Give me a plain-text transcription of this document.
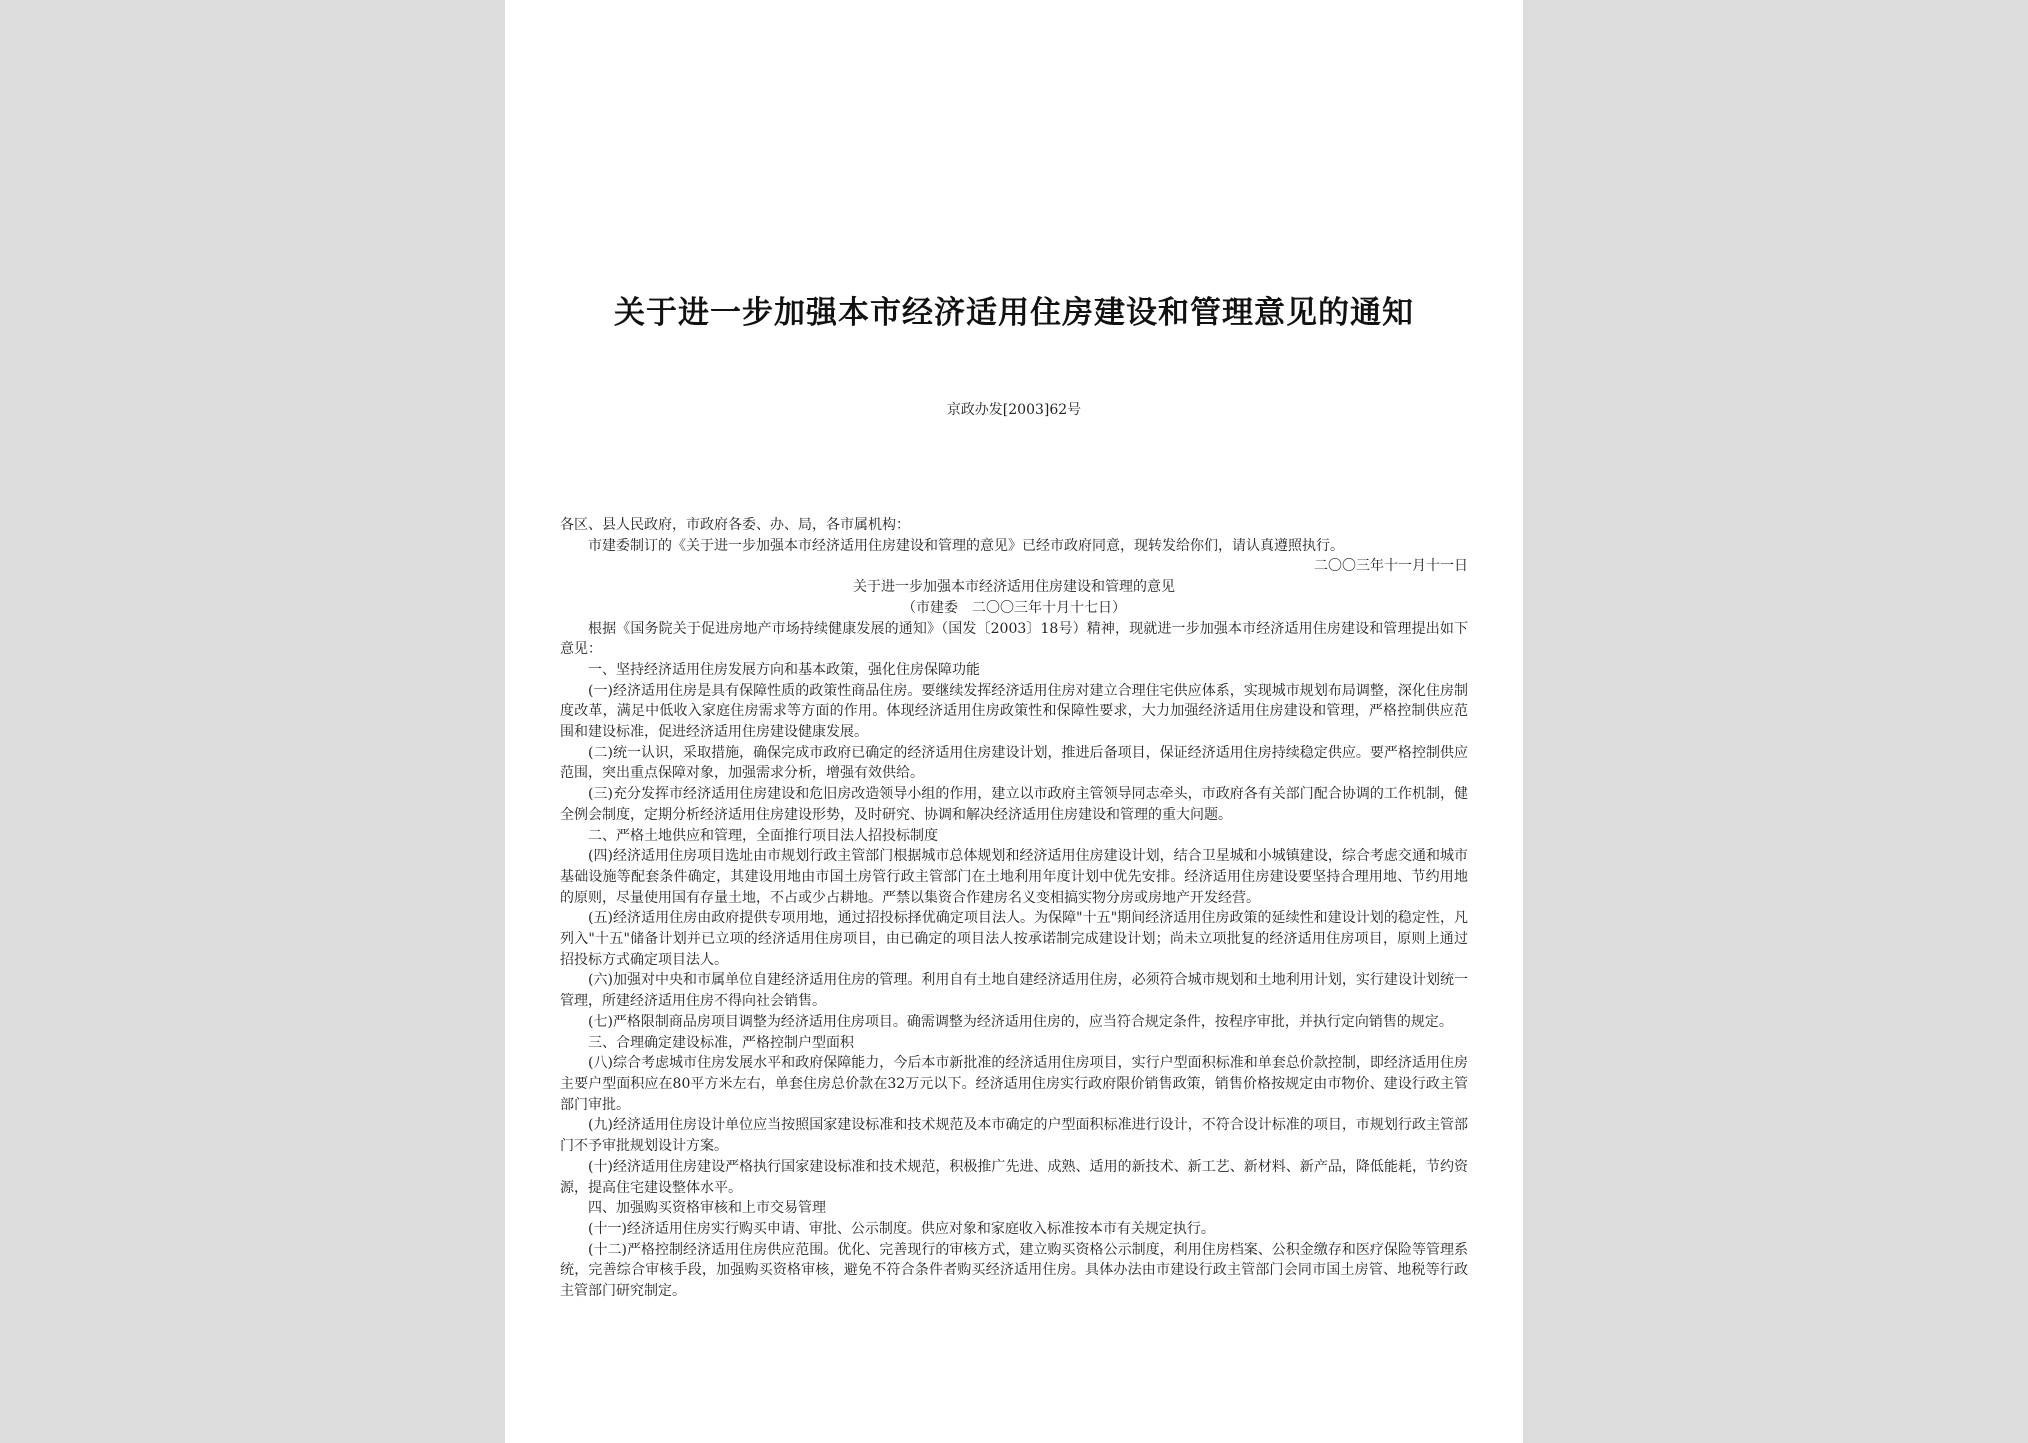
关于进一步加强本市经济适用住房建设和管理意见的通知
京政办发[2003]62号

各区、县人民政府，市政府各委、办、局，各市属机构：

市建委制订的《关于进一步加强本市经济适用住房建设和管理的意见》已经市政府同意，现转发给你们，请认真遵照执行。

二〇〇三年十一月十一日

关于进一步加强本市经济适用住房建设和管理的意见

（市建委　二〇〇三年十月十七日）

根据《国务院关于促进房地产市场持续健康发展的通知》（国发〔2003〕18号）精神，现就进一步加强本市经济适用住房建设和管理提出如下意见：

一、坚持经济适用住房发展方向和基本政策，强化住房保障功能

(一)经济适用住房是具有保障性质的政策性商品住房。要继续发挥经济适用住房对建立合理住宅供应体系，实现城市规划布局调整，深化住房制度改革，满足中低收入家庭住房需求等方面的作用。体现经济适用住房政策性和保障性要求，大力加强经济适用住房建设和管理，严格控制供应范围和建设标准，促进经济适用住房建设健康发展。

(二)统一认识，采取措施，确保完成市政府已确定的经济适用住房建设计划，推进后备项目，保证经济适用住房持续稳定供应。要严格控制供应范围，突出重点保障对象，加强需求分析，增强有效供给。

(三)充分发挥市经济适用住房建设和危旧房改造领导小组的作用，建立以市政府主管领导同志牵头，市政府各有关部门配合协调的工作机制，健全例会制度，定期分析经济适用住房建设形势，及时研究、协调和解决经济适用住房建设和管理的重大问题。

二、严格土地供应和管理，全面推行项目法人招投标制度

(四)经济适用住房项目选址由市规划行政主管部门根据城市总体规划和经济适用住房建设计划，结合卫星城和小城镇建设，综合考虑交通和城市基础设施等配套条件确定，其建设用地由市国土房管行政主管部门在土地利用年度计划中优先安排。经济适用住房建设要坚持合理用地、节约用地的原则，尽量使用国有存量土地，不占或少占耕地。严禁以集资合作建房名义变相搞实物分房或房地产开发经营。

(五)经济适用住房由政府提供专项用地，通过招投标择优确定项目法人。为保障"十五"期间经济适用住房政策的延续性和建设计划的稳定性，凡列入"十五"储备计划并已立项的经济适用住房项目，由已确定的项目法人按承诺制完成建设计划；尚未立项批复的经济适用住房项目，原则上通过招投标方式确定项目法人。

(六)加强对中央和市属单位自建经济适用住房的管理。利用自有土地自建经济适用住房，必须符合城市规划和土地利用计划，实行建设计划统一管理，所建经济适用住房不得向社会销售。

(七)严格限制商品房项目调整为经济适用住房项目。确需调整为经济适用住房的，应当符合规定条件，按程序审批，并执行定向销售的规定。

三、合理确定建设标准，严格控制户型面积

(八)综合考虑城市住房发展水平和政府保障能力，今后本市新批准的经济适用住房项目，实行户型面积标准和单套总价款控制，即经济适用住房主要户型面积应在80平方米左右，单套住房总价款在32万元以下。经济适用住房实行政府限价销售政策，销售价格按规定由市物价、建设行政主管部门审批。

(九)经济适用住房设计单位应当按照国家建设标准和技术规范及本市确定的户型面积标准进行设计，不符合设计标准的项目，市规划行政主管部门不予审批规划设计方案。

(十)经济适用住房建设严格执行国家建设标准和技术规范，积极推广先进、成熟、适用的新技术、新工艺、新材料、新产品，降低能耗，节约资源，提高住宅建设整体水平。

四、加强购买资格审核和上市交易管理

(十一)经济适用住房实行购买申请、审批、公示制度。供应对象和家庭收入标准按本市有关规定执行。

(十二)严格控制经济适用住房供应范围。优化、完善现行的审核方式，建立购买资格公示制度，利用住房档案、公积金缴存和医疗保险等管理系统，完善综合审核手段，加强购买资格审核，避免不符合条件者购买经济适用住房。具体办法由市建设行政主管部门会同市国土房管、地税等行政主管部门研究制定。
